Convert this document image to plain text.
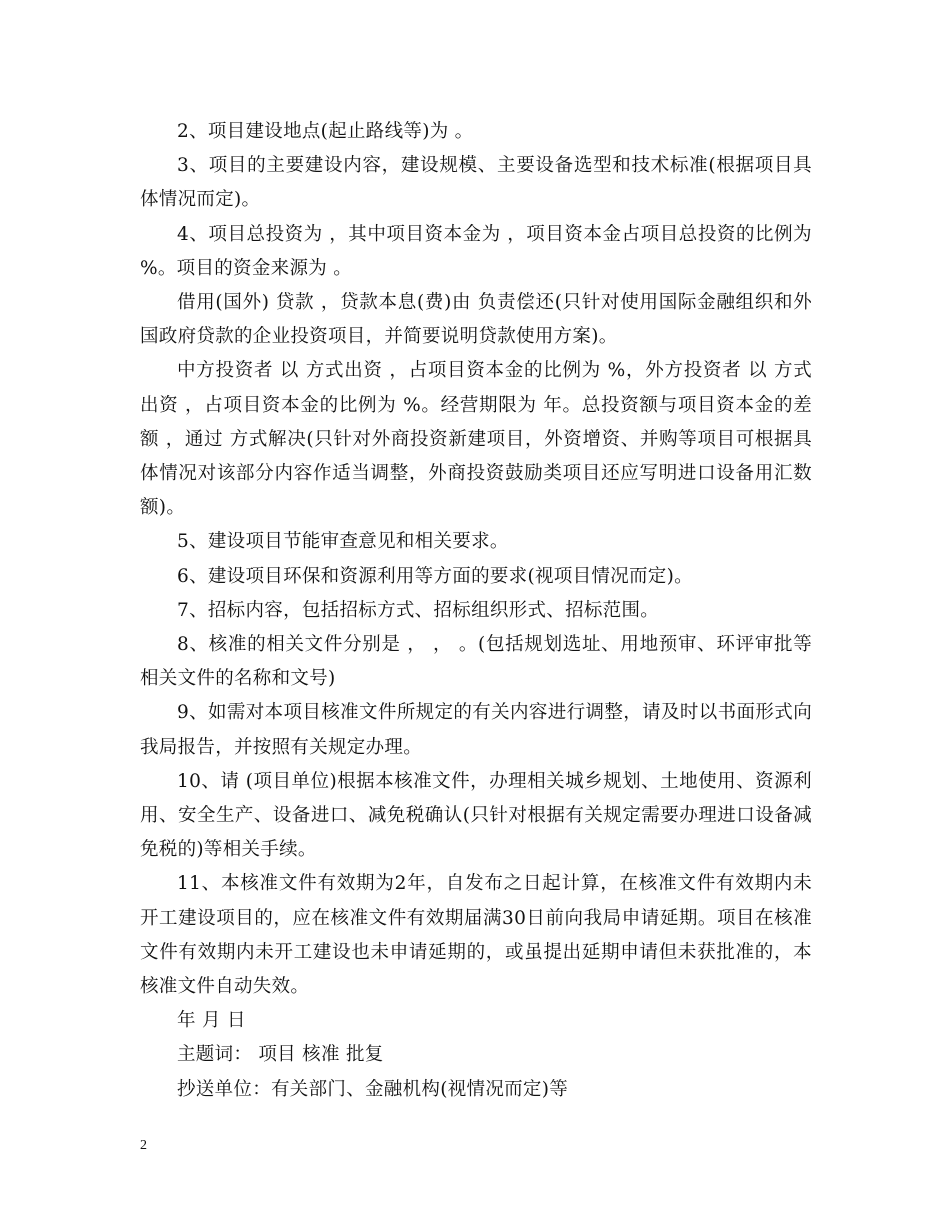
2、项目建设地点(起止路线等)为 。

3、项目的主要建设内容，建设规模、主要设备选型和技术标准(根据项目具体情况而定)。

4、项目总投资为 ，其中项目资本金为 ，项目资本金占项目总投资的比例为 %。项目的资金来源为 。

借用(国外) 贷款 ，贷款本息(费)由 负责偿还(只针对使用国际金融组织和外国政府贷款的企业投资项目，并简要说明贷款使用方案)。

中方投资者 以 方式出资 ，占项目资本金的比例为 %，外方投资者 以 方式出资 ，占项目资本金的比例为 %。经营期限为 年。总投资额与项目资本金的差额 ，通过 方式解决(只针对外商投资新建项目，外资增资、并购等项目可根据具体情况对该部分内容作适当调整，外商投资鼓励类项目还应写明进口设备用汇数额)。

5、建设项目节能审查意见和相关要求。

6、建设项目环保和资源利用等方面的要求(视项目情况而定)。

7、招标内容，包括招标方式、招标组织形式、招标范围。

8、核准的相关文件分别是 ， ， 。(包括规划选址、用地预审、环评审批等相关文件的名称和文号)

9、如需对本项目核准文件所规定的有关内容进行调整，请及时以书面形式向我局报告，并按照有关规定办理。

10、请 (项目单位)根据本核准文件，办理相关城乡规划、土地使用、资源利用、安全生产、设备进口、减免税确认(只针对根据有关规定需要办理进口设备减免税的)等相关手续。

11、本核准文件有效期为2年，自发布之日起计算，在核准文件有效期内未开工建设项目的，应在核准文件有效期届满30日前向我局申请延期。项目在核准文件有效期内未开工建设也未申请延期的，或虽提出延期申请但未获批准的，本核准文件自动失效。

年 月 日

主题词： 项目 核准 批复

抄送单位：有关部门、金融机构(视情况而定)等

2
